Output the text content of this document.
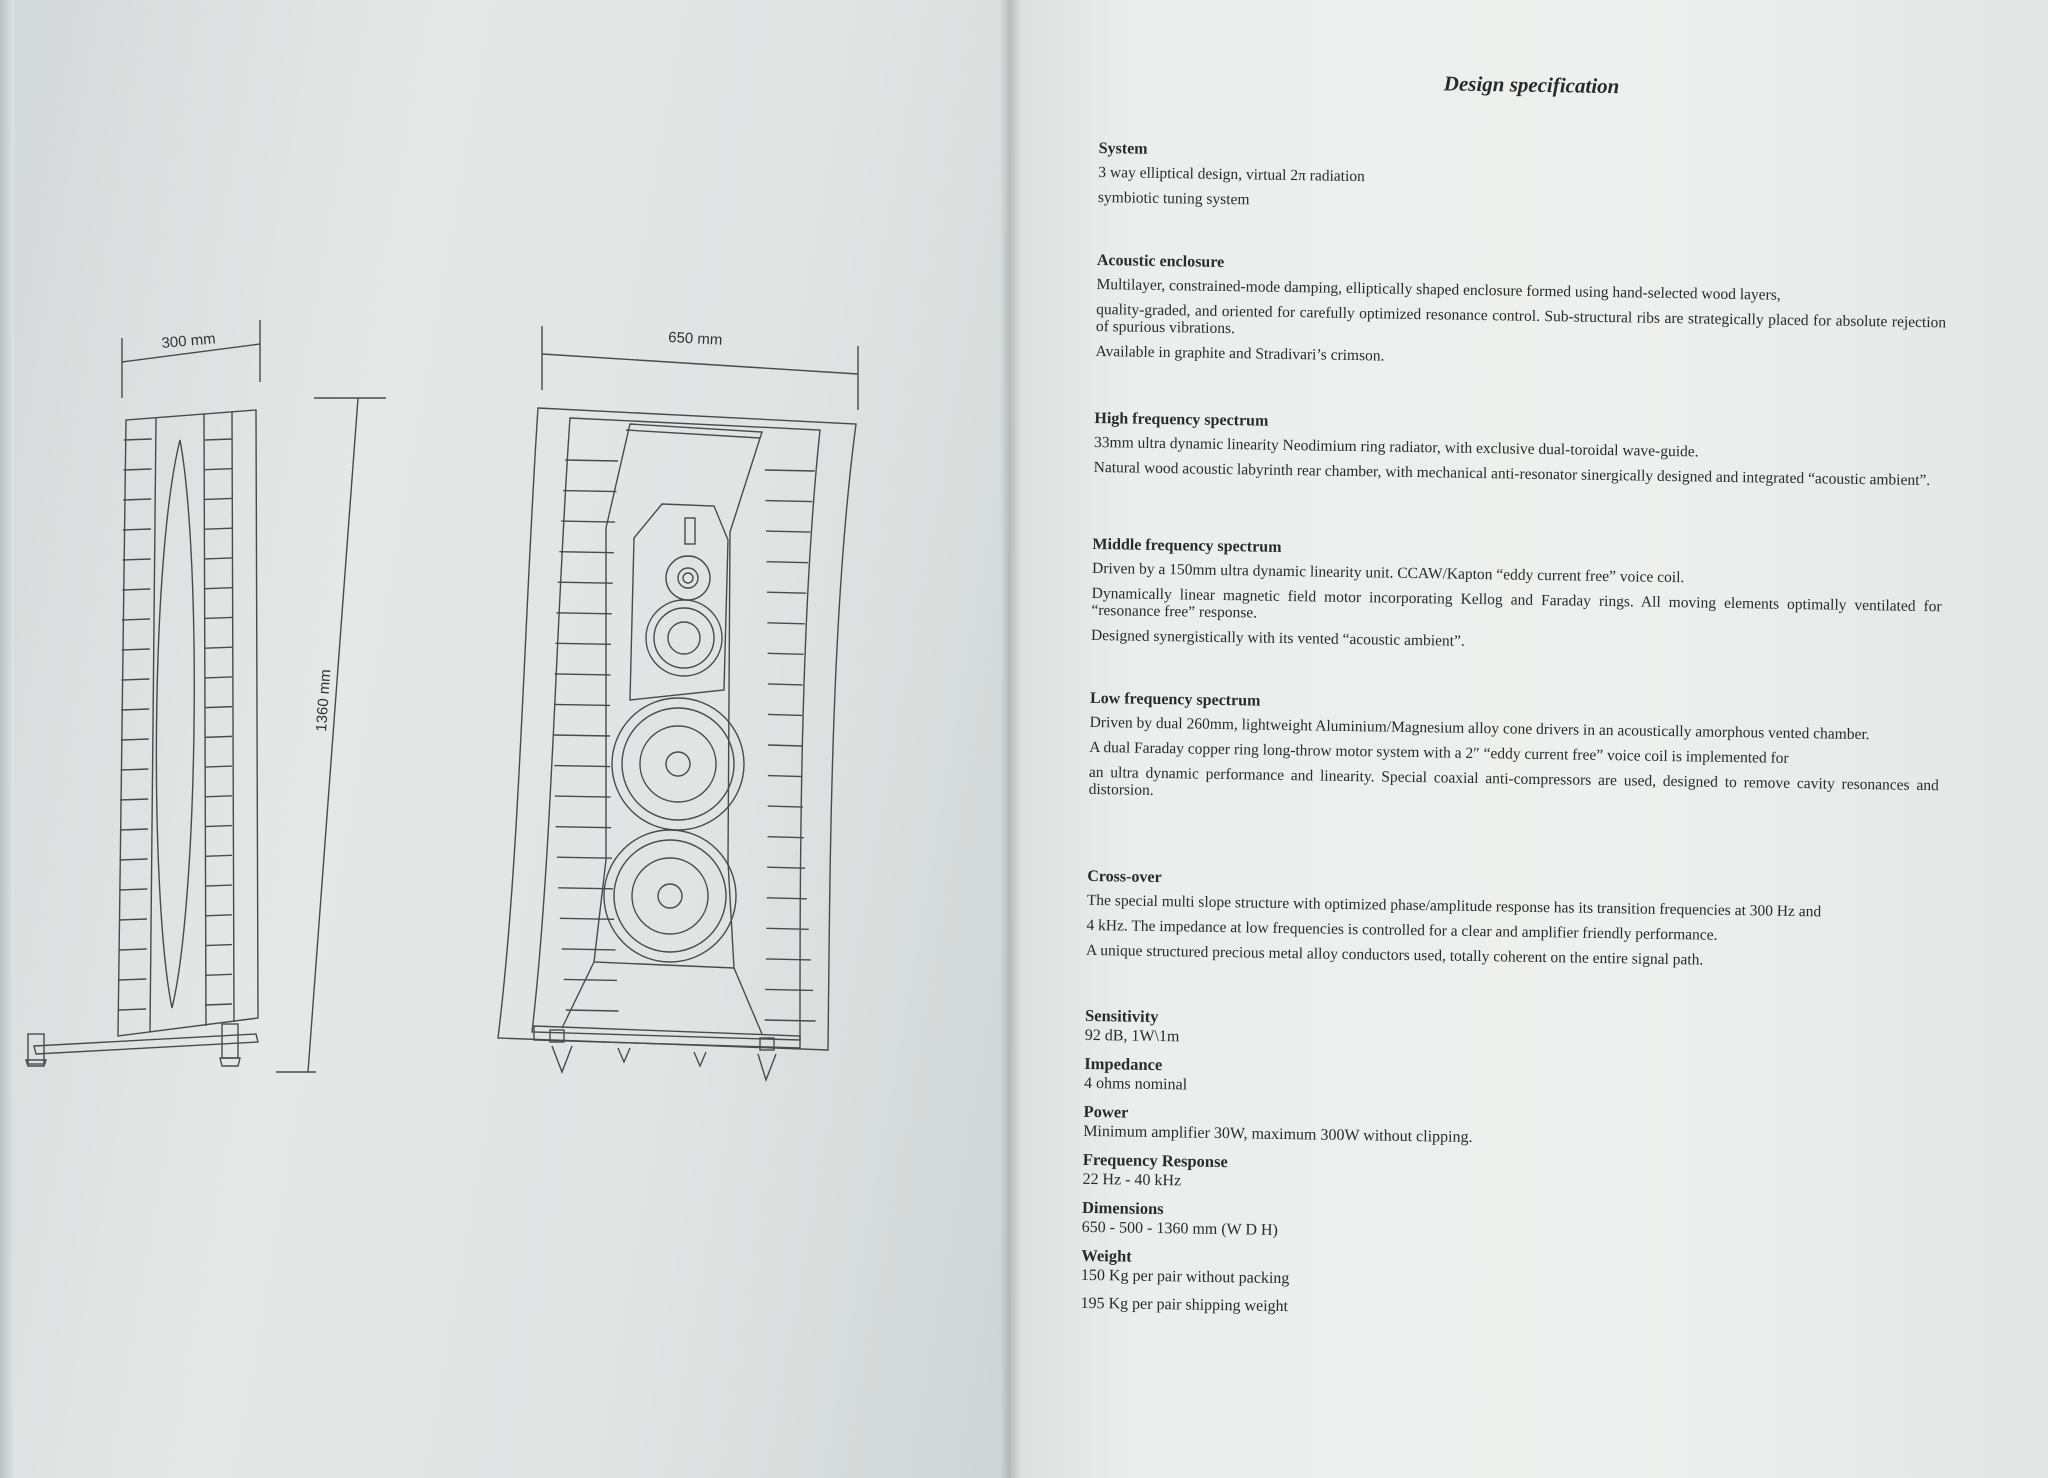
300 mm
1360 mm
650 mm
Design specification
System

3 way elliptical design, virtual 2π radiation

symbiotic tuning system

Acoustic enclosure

Multilayer, constrained-mode damping, elliptically shaped enclosure formed using hand-selected wood layers,

quality-graded, and oriented for carefully optimized resonance control. Sub-structural ribs are strategically placed for absolute rejection of spurious vibrations.

Available in graphite and Stradivari’s crimson.

High frequency spectrum

33mm ultra dynamic linearity Neodimium ring radiator, with exclusive dual-toroidal wave-guide.

Natural wood acoustic labyrinth rear chamber, with mechanical anti-resonator sinergically designed and integrated “acoustic ambient”.

Middle frequency spectrum

Driven by a 150mm ultra dynamic linearity unit. CCAW/Kapton “eddy current free” voice coil.

Dynamically linear magnetic field motor incorporating Kellog and Faraday rings. All moving elements optimally ventilated for “resonance free” response.

Designed synergistically with its vented “acoustic ambient”.

Low frequency spectrum

Driven by dual 260mm, lightweight Aluminium/Magnesium alloy cone drivers in an acoustically amorphous vented chamber.

A dual Faraday copper ring long-throw motor system with a 2″ “eddy current free” voice coil is implemented for

an ultra dynamic performance and linearity. Special coaxial anti-compressors are used, designed to remove cavity resonances and distorsion.

Cross-over

The special multi slope structure with optimized phase/amplitude response has its transition frequencies at 300 Hz and

4 kHz. The impedance at low frequencies is controlled for a clear and amplifier friendly performance.

A unique structured precious metal alloy conductors used, totally coherent on the entire signal path.

Sensitivity
92 dB, 1W\1m
Impedance
4 ohms nominal
Power
Minimum amplifier 30W, maximum 300W without clipping.
Frequency Response
22 Hz - 40 kHz
Dimensions
650 - 500 - 1360 mm (W D H)
Weight
150 Kg per pair without packing
195 Kg per pair shipping weight
